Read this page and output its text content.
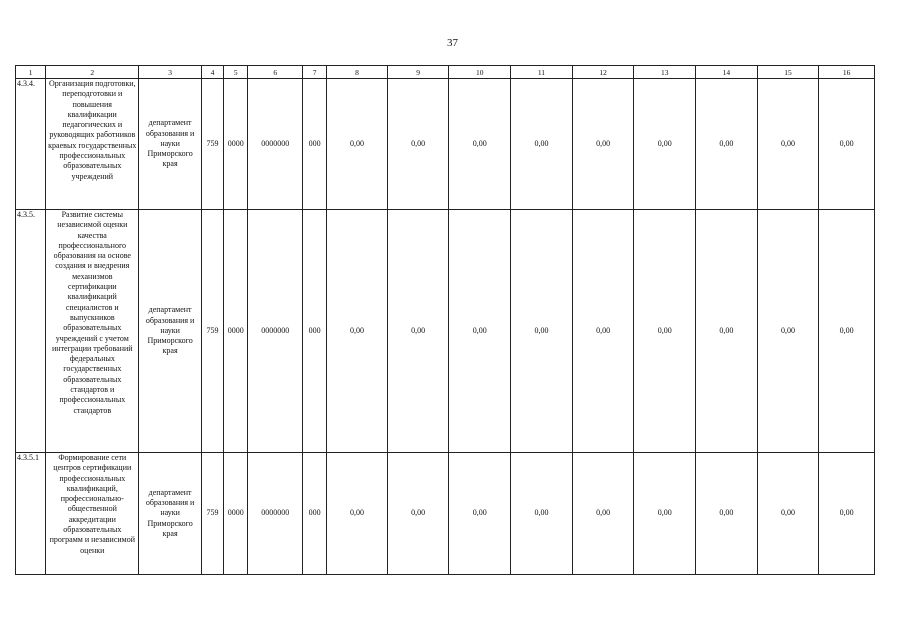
37
1	2	3	4	5	6	7	8	9	10	11	12	13	14	15	16
4.3.4.	Организация подготовки, переподготовки и повышения квалификации педагогических и руководящих работников краевых государственных профессиональных образовательных учреждений	департамент образования и науки Приморского края	759	0000	0000000	000	0,00	0,00	0,00	0,00	0,00	0,00	0,00	0,00	0,00
4.3.5.	Развитие системы независимой оценки качества профессионального образования на основе создания и внедрения механизмов сертификации квалификаций специалистов и выпускников образовательных учреждений с учетом интеграции требований федеральных государственных образовательных стандартов и профессиональных стандартов	департамент образования и науки Приморского края	759	0000	0000000	000	0,00	0,00	0,00	0,00	0,00	0,00	0,00	0,00	0,00
4.3.5.1	Формирование сети центров сертификации профессиональных квалификаций, профессионально-общественной аккредитации образовательных программ и независимой оценки	департамент образования и науки Приморского края	759	0000	0000000	000	0,00	0,00	0,00	0,00	0,00	0,00	0,00	0,00	0,00
